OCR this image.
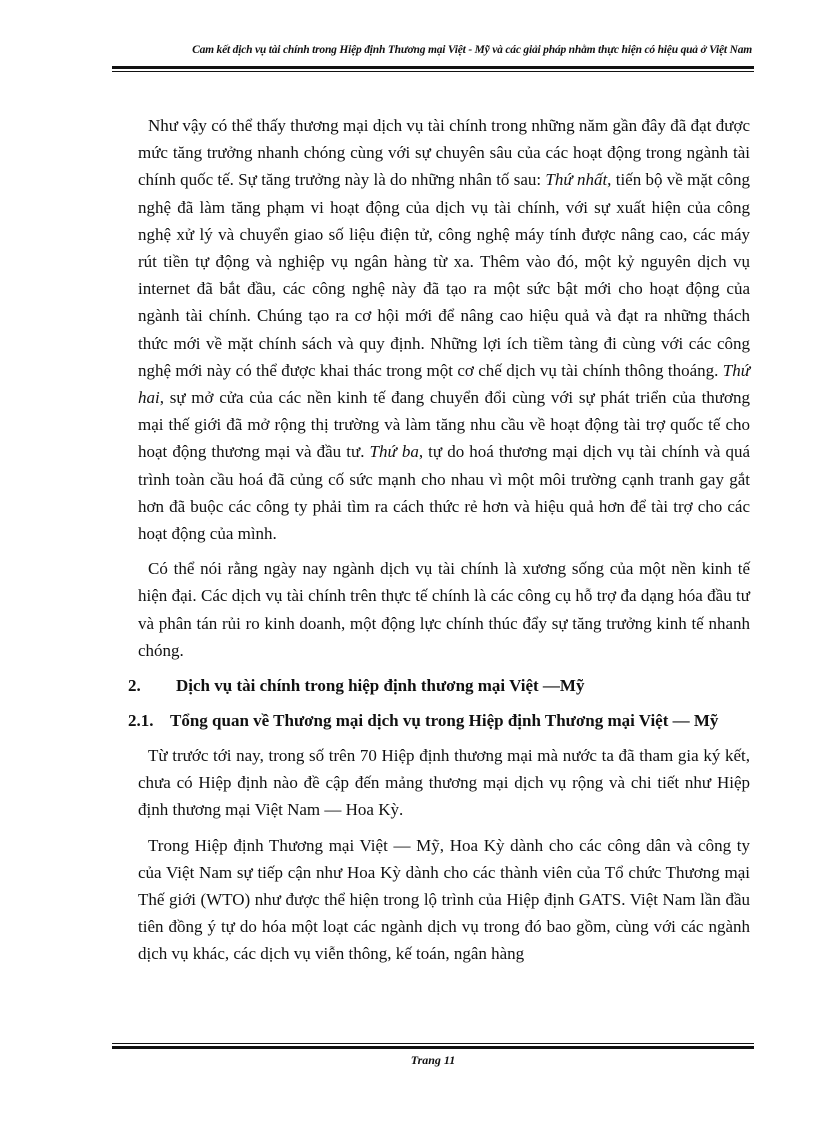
Cam kết dịch vụ tài chính trong Hiệp định Thương mại Việt - Mỹ và các giải pháp nhằm thực hiện có hiệu quả ở Việt Nam

Như vậy có thể thấy thương mại dịch vụ tài chính trong những năm gần đây đã đạt được mức tăng trưởng nhanh chóng cùng với sự chuyên sâu của các hoạt động trong ngành tài chính quốc tế. Sự tăng trưởng này là do những nhân tố sau: Thứ nhất, tiến bộ về mặt công nghệ đã làm tăng phạm vi hoạt động của dịch vụ tài chính, với sự xuất hiện của công nghệ xử lý và chuyển giao số liệu điện tử, công nghệ máy tính được nâng cao, các máy rút tiền tự động và nghiệp vụ ngân hàng từ xa. Thêm vào đó, một kỷ nguyên dịch vụ internet đã bắt đầu, các công nghệ này đã tạo ra một sức bật mới cho hoạt động của ngành tài chính. Chúng tạo ra cơ hội mới để nâng cao hiệu quả và đạt ra những thách thức mới về mặt chính sách và quy định. Những lợi ích tiềm tàng đi cùng với các công nghệ mới này có thể được khai thác trong một cơ chế dịch vụ tài chính thông thoáng. Thứ hai, sự mở cửa của các nền kinh tế đang chuyển đổi cùng với sự phát triển của thương mại thế giới đã mở rộng thị trường và làm tăng nhu cầu về hoạt động tài trợ quốc tế cho hoạt động thương mại và đầu tư. Thứ ba, tự do hoá thương mại dịch vụ tài chính và quá trình toàn cầu hoá đã củng cố sức mạnh cho nhau vì một môi trường cạnh tranh gay gắt hơn đã buộc các công ty phải tìm ra cách thức rẻ hơn và hiệu quả hơn để tài trợ cho các hoạt động của mình.

Có thể nói rằng ngày nay ngành dịch vụ tài chính là xương sống của một nền kinh tế hiện đại. Các dịch vụ tài chính trên thực tế chính là các công cụ hỗ trợ đa dạng hóa đầu tư và phân tán rủi ro kinh doanh, một động lực chính thúc đẩy sự tăng trưởng kinh tế nhanh chóng.

2.	Dịch vụ tài chính trong hiệp định thương mại Việt —Mỹ
2.1. Tổng quan về Thương mại dịch vụ trong Hiệp định Thương mại Việt — Mỹ

Từ trước tới nay, trong số trên 70 Hiệp định thương mại mà nước ta đã tham gia ký kết, chưa có Hiệp định nào đề cập đến mảng thương mại dịch vụ rộng và chi tiết như Hiệp định thương mại Việt Nam — Hoa Kỳ.

Trong Hiệp định Thương mại Việt — Mỹ, Hoa Kỳ dành cho các công dân và công ty của Việt Nam sự tiếp cận như Hoa Kỳ dành cho các thành viên của Tổ chức Thương mại Thế giới (WTO) như được thể hiện trong lộ trình của Hiệp định GATS. Việt Nam lần đầu tiên đồng ý tự do hóa một loạt các ngành dịch vụ trong đó bao gồm, cùng với các ngành dịch vụ khác, các dịch vụ viễn thông, kế toán, ngân hàng

Trang 11
